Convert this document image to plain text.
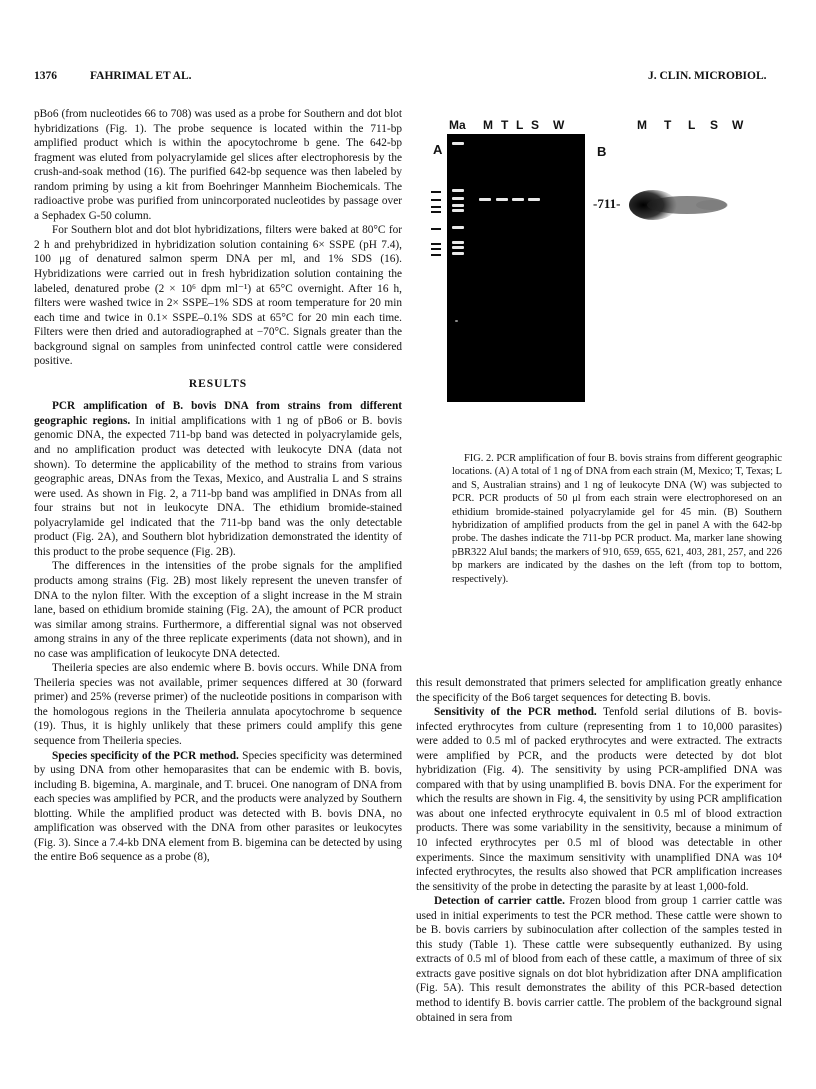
1376	FAHRIMAL ET AL.	J. CLIN. MICROBIOL.

pBo6 (from nucleotides 66 to 708) was used as a probe for Southern and dot blot hybridizations (Fig. 1). The probe sequence is located within the 711-bp amplified product which is within the apocytochrome b gene. The 642-bp fragment was eluted from polyacrylamide gel slices after electrophoresis by the crush-and-soak method (16). The purified 642-bp sequence was then labeled by random priming by using a kit from Boehringer Mannheim Biochemicals. The radioactive probe was purified from unincorporated nucleotides by passage over a Sephadex G-50 column.

For Southern blot and dot blot hybridizations, filters were baked at 80°C for 2 h and prehybridized in hybridization solution containing 6× SSPE (pH 7.4), 100 μg of denatured salmon sperm DNA per ml, and 1% SDS (16). Hybridizations were carried out in fresh hybridization solution containing the labeled, denatured probe (2 × 10⁶ dpm ml⁻¹) at 65°C overnight. After 16 h, filters were washed twice in 2× SSPE–1% SDS at room temperature for 20 min each time and twice in 0.1× SSPE–0.1% SDS at 65°C for 20 min each time. Filters were then dried and autoradiographed at −70°C. Signals greater than the background signal on samples from uninfected control cattle were considered positive.

RESULTS

PCR amplification of B. bovis DNA from strains from different geographic regions. In initial amplifications with 1 ng of pBo6 or B. bovis genomic DNA, the expected 711-bp band was detected in polyacrylamide gels, and no amplification product was detected with leukocyte DNA (data not shown). To determine the applicability of the method to strains from various geographic areas, DNAs from the Texas, Mexico, and Australia L and S strains were used. As shown in Fig. 2, a 711-bp band was amplified in DNAs from all four strains but not in leukocyte DNA. The ethidium bromide-stained polyacrylamide gel indicated that the 711-bp band was the only detectable product (Fig. 2A), and Southern blot hybridization demonstrated the identity of this product to the probe sequence (Fig. 2B).

The differences in the intensities of the probe signals for the amplified products among strains (Fig. 2B) most likely represent the uneven transfer of DNA to the nylon filter. With the exception of a slight increase in the M strain lane, based on ethidium bromide staining (Fig. 2A), the amount of PCR product was similar among strains. Furthermore, a differential signal was not observed among strains in any of the three replicate experiments (data not shown), and in no case was amplification of leukocyte DNA detected.

Theileria species are also endemic where B. bovis occurs. While DNA from Theileria species was not available, primer sequences differed at 30 (forward primer) and 25% (reverse primer) of the nucleotide positions in comparison with the homologous regions in the Theileria annulata apocytochrome b sequence (19). Thus, it is highly unlikely that these primers could amplify this gene sequence from Theileria species.

Species specificity of the PCR method. Species specificity was determined by using DNA from other hemoparasites that can be endemic with B. bovis, including B. bigemina, A. marginale, and T. brucei. One nanogram of DNA from each species was amplified by PCR, and the products were analyzed by Southern blotting. While the amplified product was detected with B. bovis DNA, no amplification was observed with the DNA from other parasites or leukocytes (Fig. 3). Since a 7.4-kb DNA element from B. bigemina can be detected by using the entire Bo6 sequence as a probe (8),

Ma M T L S W
A
-711-
B
M T L S W

FIG. 2. PCR amplification of four B. bovis strains from different geographic locations. (A) A total of 1 ng of DNA from each strain (M, Mexico; T, Texas; L and S, Australian strains) and 1 ng of leukocyte DNA (W) was subjected to PCR. PCR products of 50 μl from each strain were electrophoresed on an ethidium bromide-stained polyacrylamide gel for 45 min. (B) Southern hybridization of amplified products from the gel in panel A with the 642-bp probe. The dashes indicate the 711-bp PCR product. Ma, marker lane showing pBR322 AluI bands; the markers of 910, 659, 655, 621, 403, 281, 257, and 226 bp markers are indicated by the dashes on the left (from top to bottom, respectively).

this result demonstrated that primers selected for amplification greatly enhance the specificity of the Bo6 target sequences for detecting B. bovis.

Sensitivity of the PCR method. Tenfold serial dilutions of B. bovis-infected erythrocytes from culture (representing from 1 to 10,000 parasites) were added to 0.5 ml of packed erythrocytes and were extracted. The extracts were amplified by PCR, and the products were detected by dot blot hybridization (Fig. 4). The sensitivity by using PCR-amplified DNA was compared with that by using unamplified B. bovis DNA. For the experiment for which the results are shown in Fig. 4, the sensitivity by using PCR amplification was about one infected erythrocyte equivalent in 0.5 ml of blood extraction products. There was some variability in the sensitivity, because a minimum of 10 infected erythrocytes per 0.5 ml of blood was detectable in other experiments. Since the maximum sensitivity with unamplified DNA was 10⁴ infected erythrocytes, the results also showed that PCR amplification increases the sensitivity of the probe in detecting the parasite by at least 1,000-fold.

Detection of carrier cattle. Frozen blood from group 1 carrier cattle was used in initial experiments to test the PCR method. These cattle were shown to be B. bovis carriers by subinoculation after collection of the samples tested in this study (Table 1). These cattle were subsequently euthanized. By using extracts of 0.5 ml of blood from each of these cattle, a maximum of three of six extracts gave positive signals on dot blot hybridization after DNA amplification (Fig. 5A). This result demonstrates the ability of this PCR-based detection method to identify B. bovis carrier cattle. The problem of the background signal obtained in sera from
